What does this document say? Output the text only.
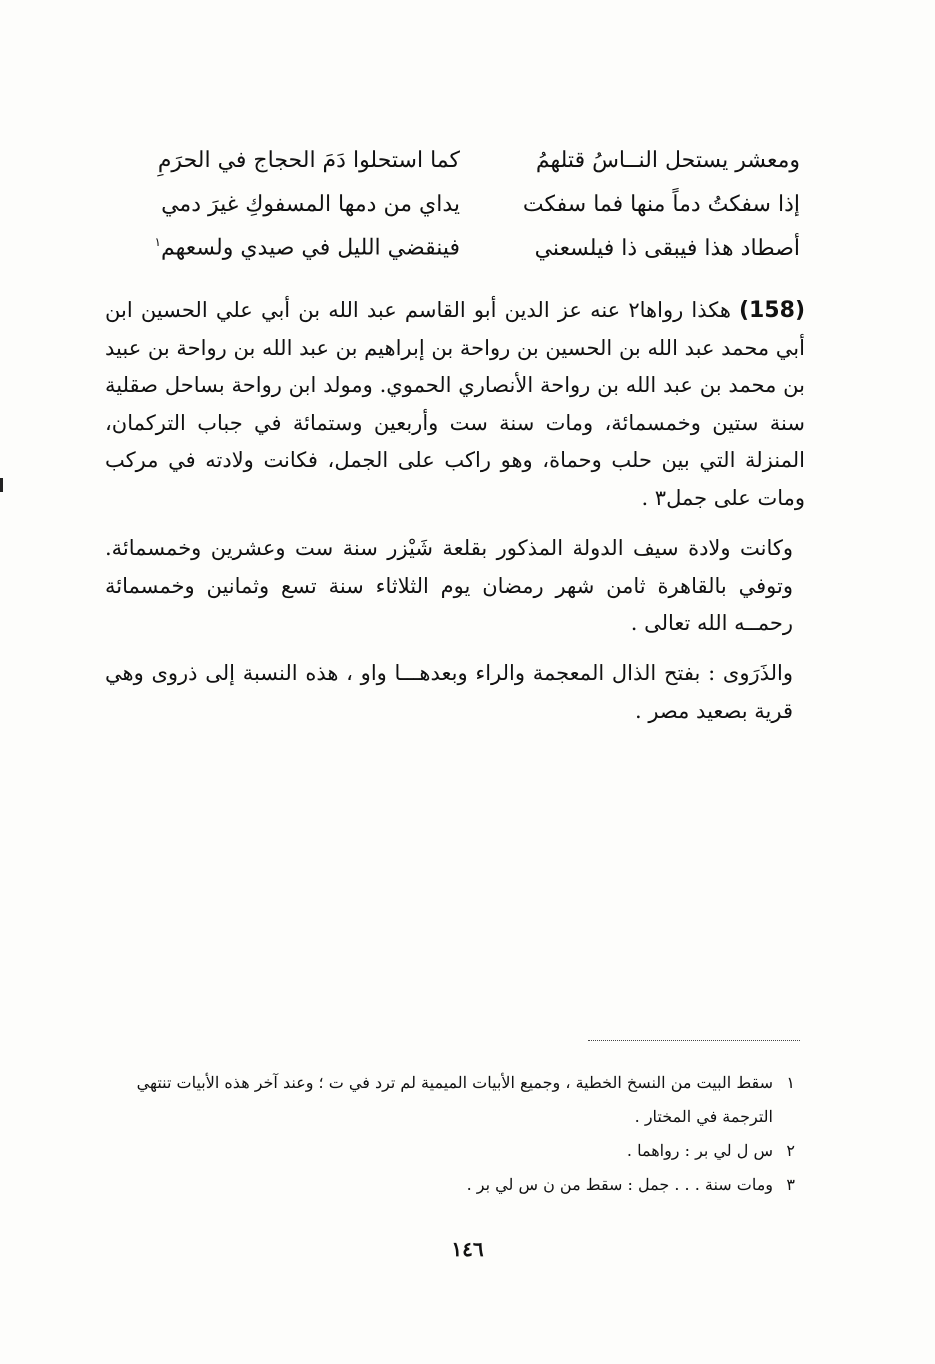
ومعشر يستحل النــاسُ قتلهمُ
كما استحلوا دَمَ الحجاج في الحرَمِ
إذا سفكتُ دماً منها فما سفكت
يداي من دمها المسفوكِ غيرَ دمي
أصطاد هذا فيبقى ذا فيلسعني
فينقضي الليل في صيدي ولسعهم$^١$

(158)هكذا رواها٢ عنه عز الدين أبو القاسم عبد الله بن أبي علي الحسين ابن أبي محمد عبد الله بن الحسين بن رواحة بن إبراهيم بن عبد الله بن رواحة بن عبيد بن محمد بن عبد الله بن رواحة الأنصاري الحموي. ومولد ابن رواحة بساحل صقلية سنة ستين وخمسمائة، ومات سنة ست وأربعين وستمائة في جباب التركمان، المنزلة التي بين حلب وحماة، وهو راكب على الجمل، فكانت ولادته في مركب ومات على جمل٣ .

وكانت ولادة سيف الدولة المذكور بقلعة شَيْزر سنة ست وعشرين وخمسمائة. وتوفي بالقاهرة ثامن شهر رمضان يوم الثلاثاء سنة تسع وثمانين وخمسمائة رحمــه الله تعالى .

والذَرَوى : بفتح الذال المعجمة والراء وبعدهـــا واو ، هذه النسبة إلى ذروى وهي قرية بصعيد مصر .

١
سقط البيت من النسخ الخطية ، وجميع الأبيات الميمية لم ترد في ت ؛ وعند آخر هذه الأبيات تنتهي الترجمة في المختار .
٢
س ل لي بر : رواهما .
٣
ومات سنة . . . جمل : سقط من ن س لي بر .
١٤٦
